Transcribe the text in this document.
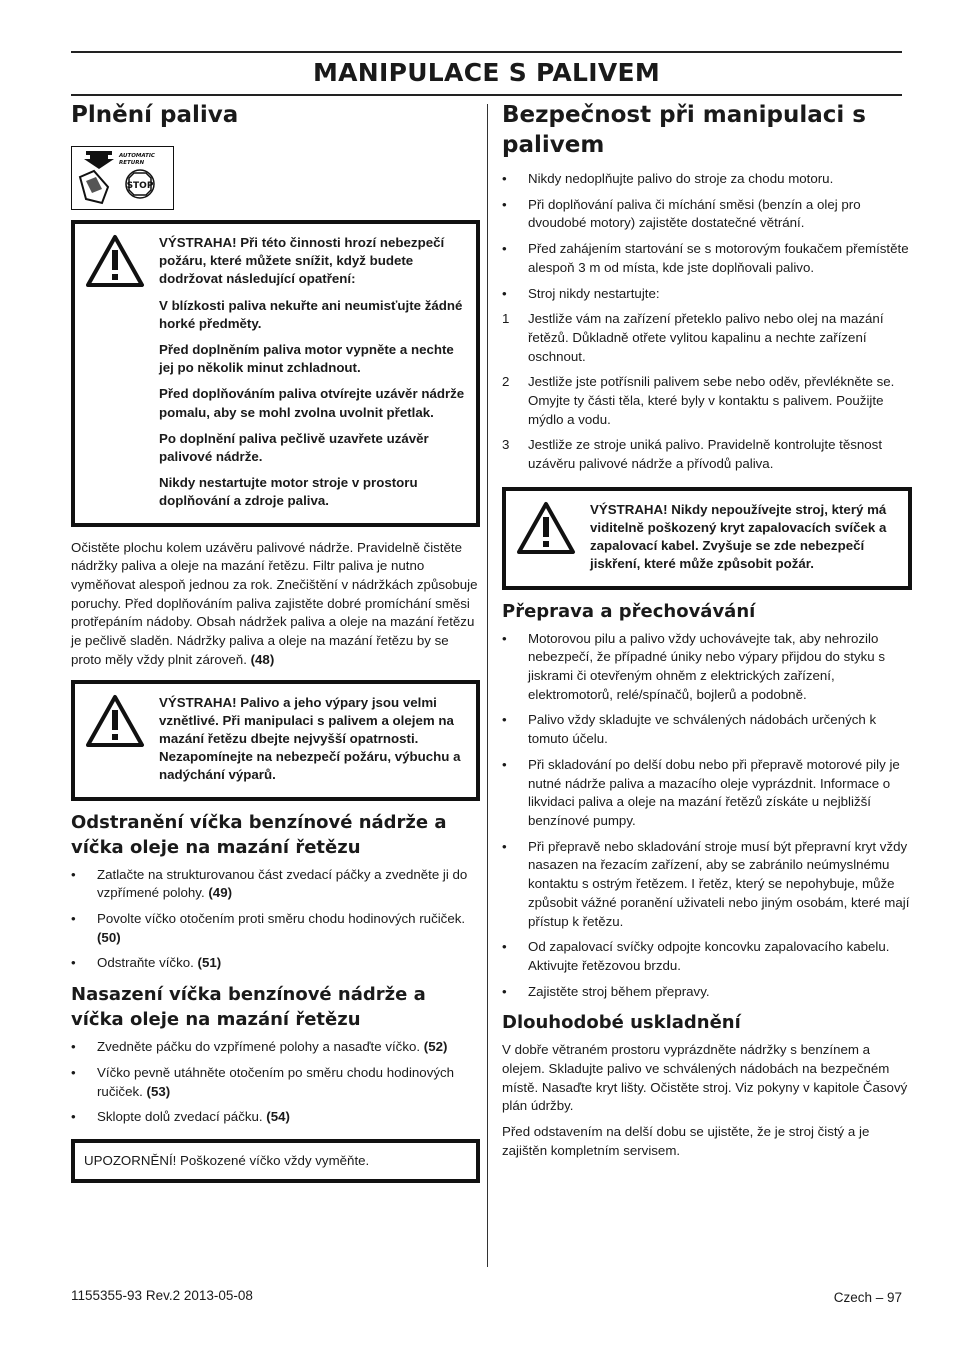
MANIPULACE S PALIVEM
Plnění paliva
STOP
AUTOMATIC
RETURN

VÝSTRAHA! Při této činnosti hrozí nebezpečí požáru, které můžete snížit, když budete dodržovat následující opatření:

V blízkosti paliva nekuřte ani neumisťujte žádné horké předměty.

Před doplněním paliva motor vypněte a nechte jej po několik minut zchladnout.

Před doplňováním paliva otvírejte uzávěr nádrže pomalu, aby se mohl zvolna uvolnit přetlak.

Po doplnění paliva pečlivě uzavřete uzávěr palivové nádrže.

Nikdy nestartujte motor stroje v prostoru doplňování a zdroje paliva.

Očistěte plochu kolem uzávěru palivové nádrže. Pravidelně čistěte nádržky paliva a oleje na mazání řetězu. Filtr paliva je nutno vyměňovat alespoň jednou za rok. Znečištění v nádržkách způsobuje poruchy. Před doplňováním paliva zajistěte dobré promíchání směsi protřepáním nádoby. Obsah nádržek paliva a oleje na mazání řetězu je pečlivě sladěn. Nádržky paliva a oleje na mazání řetězu by se proto měly vždy plnit zároveň. (48)

VÝSTRAHA! Palivo a jeho výpary jsou velmi vznětlivé. Při manipulaci s palivem a olejem na mazání řetězu dbejte nejvyšší opatrnosti. Nezapomínejte na nebezpečí požáru, výbuchu a nadýchání výparů.

Odstranění víčka benzínové nádrže a víčka oleje na mazání řetězu
• Zatlačte na strukturovanou část zvedací páčky a zvedněte ji do vzpřímené polohy. (49)
• Povolte víčko otočením proti směru chodu hodinových ručiček. (50)
• Odstraňte víčko. (51)
Nasazení víčka benzínové nádrže a víčka oleje na mazání řetězu
• Zvedněte páčku do vzpřímené polohy a nasaďte víčko. (52)
• Víčko pevně utáhněte otočením po směru chodu hodinových ručiček. (53)
• Sklopte dolů zvedací páčku. (54)

UPOZORNĚNÍ! Poškozené víčko vždy vyměňte.

Bezpečnost při manipulaci s palivem
• Nikdy nedoplňujte palivo do stroje za chodu motoru.
• Při doplňování paliva či míchání směsi (benzín a olej pro dvoudobé motory) zajistěte dostatečné větrání.
• Před zahájením startování se s motorovým foukačem přemístěte alespoň 3 m od místa, kde jste doplňovali palivo.
• Stroj nikdy nestartujte:
1 Jestliže vám na zařízení přeteklo palivo nebo olej na mazání řetězů. Důkladně otřete vylitou kapalinu a nechte zařízení oschnout.
2 Jestliže jste potřísnili palivem sebe nebo oděv, převlékněte se. Omyjte ty části těla, které byly v kontaktu s palivem. Použijte mýdlo a vodu.
3 Jestliže ze stroje uniká palivo. Pravidelně kontrolujte těsnost uzávěru palivové nádrže a přívodů paliva.

VÝSTRAHA! Nikdy nepoužívejte stroj, který má viditelně poškozený kryt zapalovacích svíček a zapalovací kabel. Zvyšuje se zde nebezpečí jiskření, které může způsobit požár.

Přeprava a přechovávání
• Motorovou pilu a palivo vždy uchovávejte tak, aby nehrozilo nebezpečí, že případné úniky nebo výpary přijdou do styku s jiskrami či otevřeným ohněm z elektrických zařízení, elektromotorů, relé/spínačů, bojlerů a podobně.
• Palivo vždy skladujte ve schválených nádobách určených k tomuto účelu.
• Při skladování po delší dobu nebo při přepravě motorové pily je nutné nádrže paliva a mazacího oleje vyprázdnit. Informace o likvidaci paliva a oleje na mazání řetězů získáte u nejbližší benzínové pumpy.
• Při přepravě nebo skladování stroje musí být přepravní kryt vždy nasazen na řezacím zařízení, aby se zabránilo neúmyslnému kontaktu s ostrým řetězem. I řetěz, který se nepohybuje, může způsobit vážné poranění uživateli nebo jiným osobám, které mají přístup k řetězu.
• Od zapalovací svíčky odpojte koncovku zapalovacího kabelu. Aktivujte řetězovou brzdu.
• Zajistěte stroj během přepravy.
Dlouhodobé uskladnění

V dobře větraném prostoru vyprázdněte nádržky s benzínem a olejem. Skladujte palivo ve schválených nádobách na bezpečném místě. Nasaďte kryt lišty. Očistěte stroj. Viz pokyny v kapitole Časový plán údržby.

Před odstavením na delší dobu se ujistěte, že je stroj čistý a je zajištěn kompletním servisem.

1155355-93 Rev.2 2013-05-08	Czech – 97
